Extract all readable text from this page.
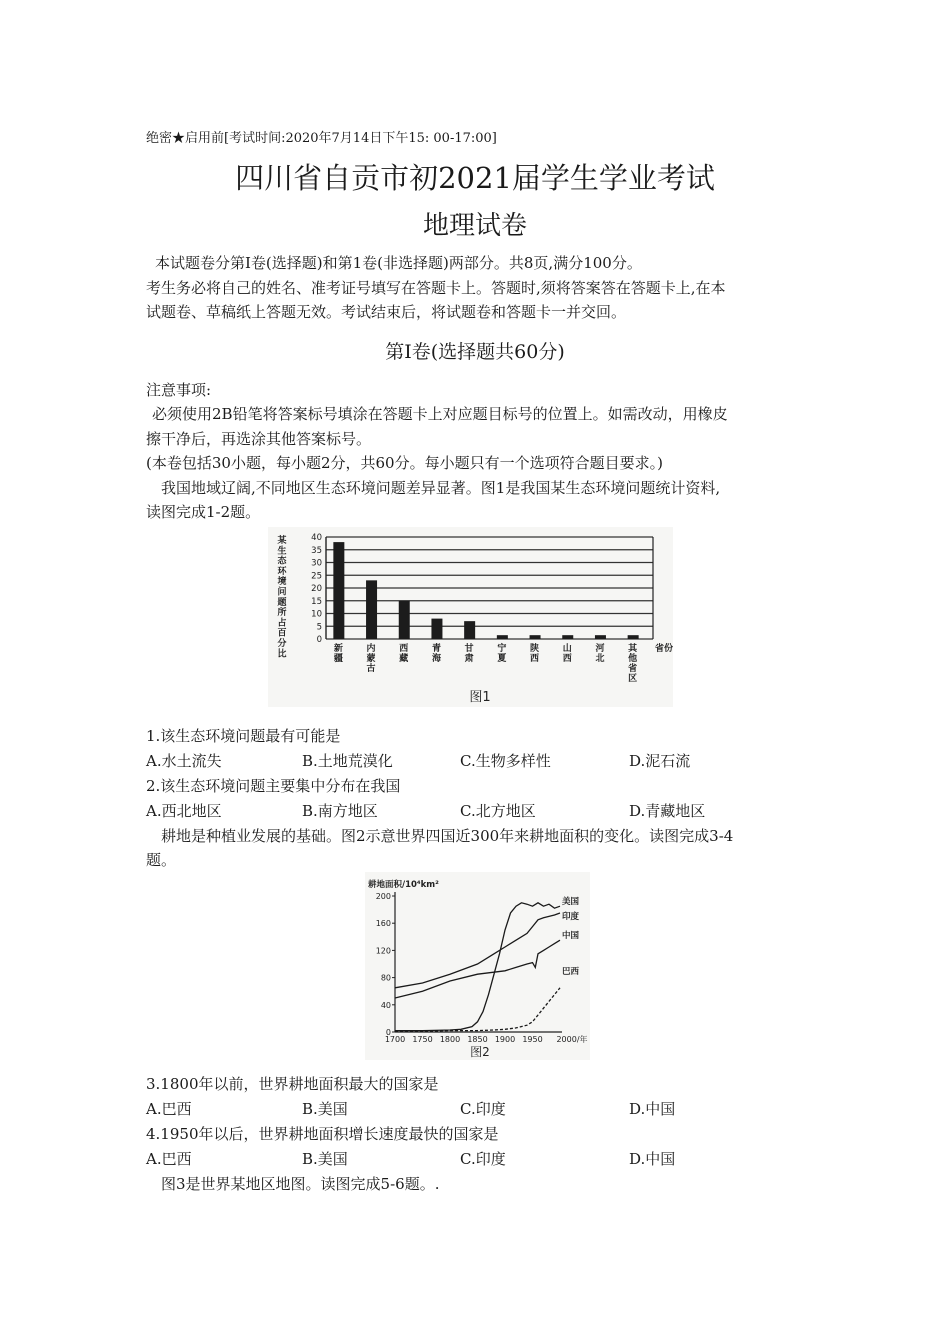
绝密★启用前[考试时间:2020年7月14日下午15: 00-17:00]
四川省自贡市初2021届学生学业考试
地理试卷
本试题卷分第Ⅰ卷(选择题)和第1卷(非选择题)两部分。共8页,满分100分。
考生务必将自己的姓名、准考证号填写在答题卡上。答题时,须将答案答在答题卡上,在本
试题卷、草稿纸上答题无效。考试结束后，将试题卷和答题卡一并交回。
第Ⅰ卷(选择题共60分)
注意事项:
必须使用2B铅笔将答案标号填涂在答题卡上对应题目标号的位置上。如需改动，用橡皮
擦干净后，再选涂其他答案标号。
(本卷包括30小题，每小题2分，共60分。每小题只有一个选项符合题目要求。)
我国地域辽阔,不同地区生态环境问题差异显著。图1是我国某生态环境问题统计资料,
读图完成1-2题。
某
生
态
环
境
问
题
所
占
百
分
比
0
5
10
15
20
25
30
35
40
新
疆
内
蒙
古
西
藏
青
海
甘
肃
宁
夏
陕
西
山
西
河
北
其
他
省
区
省份
图1
1.该生态环境问题最有可能是
A.水土流失	B.土地荒漠化	C.生物多样性	D.泥石流
2.该生态环境问题主要集中分布在我国
A.西北地区	B.南方地区	C.北方地区	D.青藏地区
耕地是种植业发展的基础。图2示意世界四国近300年来耕地面积的变化。读图完成3-4
题。
耕地面积/10⁴km²
0
40
80
120
160
200
1700 1750 1800 1850 1900 1950 2000/年
美国
印度
中国
巴西
图2
3.1800年以前，世界耕地面积最大的国家是
A.巴西	B.美国	C.印度	D.中国
4.1950年以后，世界耕地面积增长速度最快的国家是
A.巴西	B.美国	C.印度	D.中国
图3是世界某地区地图。读图完成5-6题。.
